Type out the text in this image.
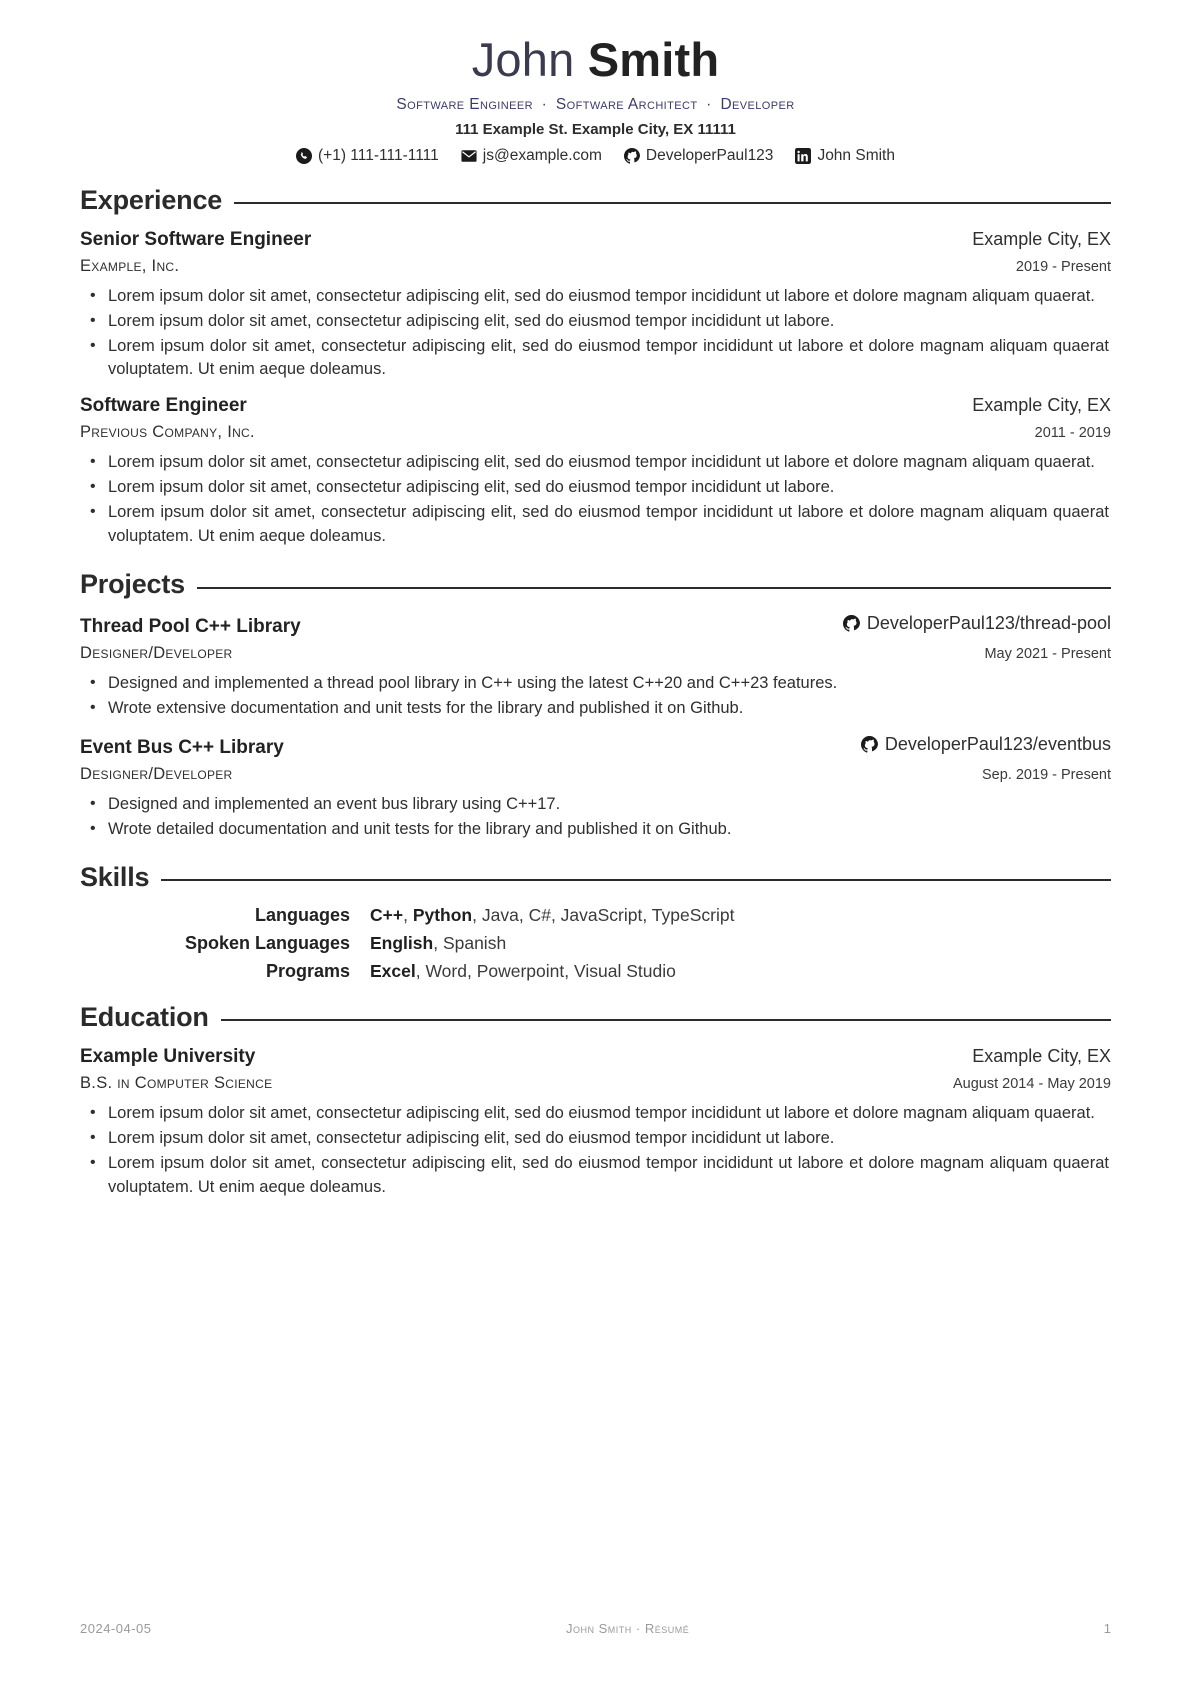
John Smith
Software Engineer · Software Architect · Developer
111 Example St. Example City, EX 11111
(+1) 111-111-1111	js@example.com	DeveloperPaul123	John Smith
Experience
Senior Software Engineer	Example City, EX
Example, Inc.	2019 - Present
• Lorem ipsum dolor sit amet, consectetur adipiscing elit, sed do eiusmod tempor incididunt ut labore et dolore magnam aliquam quaerat.
• Lorem ipsum dolor sit amet, consectetur adipiscing elit, sed do eiusmod tempor incididunt ut labore.
• Lorem ipsum dolor sit amet, consectetur adipiscing elit, sed do eiusmod tempor incididunt ut labore et dolore magnam aliquam quaerat voluptatem. Ut enim aeque doleamus.
Software Engineer	Example City, EX
Previous Company, Inc.	2011 - 2019
• Lorem ipsum dolor sit amet, consectetur adipiscing elit, sed do eiusmod tempor incididunt ut labore et dolore magnam aliquam quaerat.
• Lorem ipsum dolor sit amet, consectetur adipiscing elit, sed do eiusmod tempor incididunt ut labore.
• Lorem ipsum dolor sit amet, consectetur adipiscing elit, sed do eiusmod tempor incididunt ut labore et dolore magnam aliquam quaerat voluptatem. Ut enim aeque doleamus.
Projects
Thread Pool C++ Library	DeveloperPaul123/thread-pool
Designer/Developer	May 2021 - Present
• Designed and implemented a thread pool library in C++ using the latest C++20 and C++23 features.
• Wrote extensive documentation and unit tests for the library and published it on Github.
Event Bus C++ Library	DeveloperPaul123/eventbus
Designer/Developer	Sep. 2019 - Present
• Designed and implemented an event bus library using C++17.
• Wrote detailed documentation and unit tests for the library and published it on Github.
Skills
Languages	C++, Python, Java, C#, JavaScript, TypeScript
Spoken Languages	English, Spanish
Programs	Excel, Word, Powerpoint, Visual Studio
Education
Example University	Example City, EX
B.S. in Computer Science	August 2014 - May 2019
• Lorem ipsum dolor sit amet, consectetur adipiscing elit, sed do eiusmod tempor incididunt ut labore et dolore magnam aliquam quaerat.
• Lorem ipsum dolor sit amet, consectetur adipiscing elit, sed do eiusmod tempor incididunt ut labore.
• Lorem ipsum dolor sit amet, consectetur adipiscing elit, sed do eiusmod tempor incididunt ut labore et dolore magnam aliquam quaerat voluptatem. Ut enim aeque doleamus.
2024-04-05	John Smith · Résumé	1
